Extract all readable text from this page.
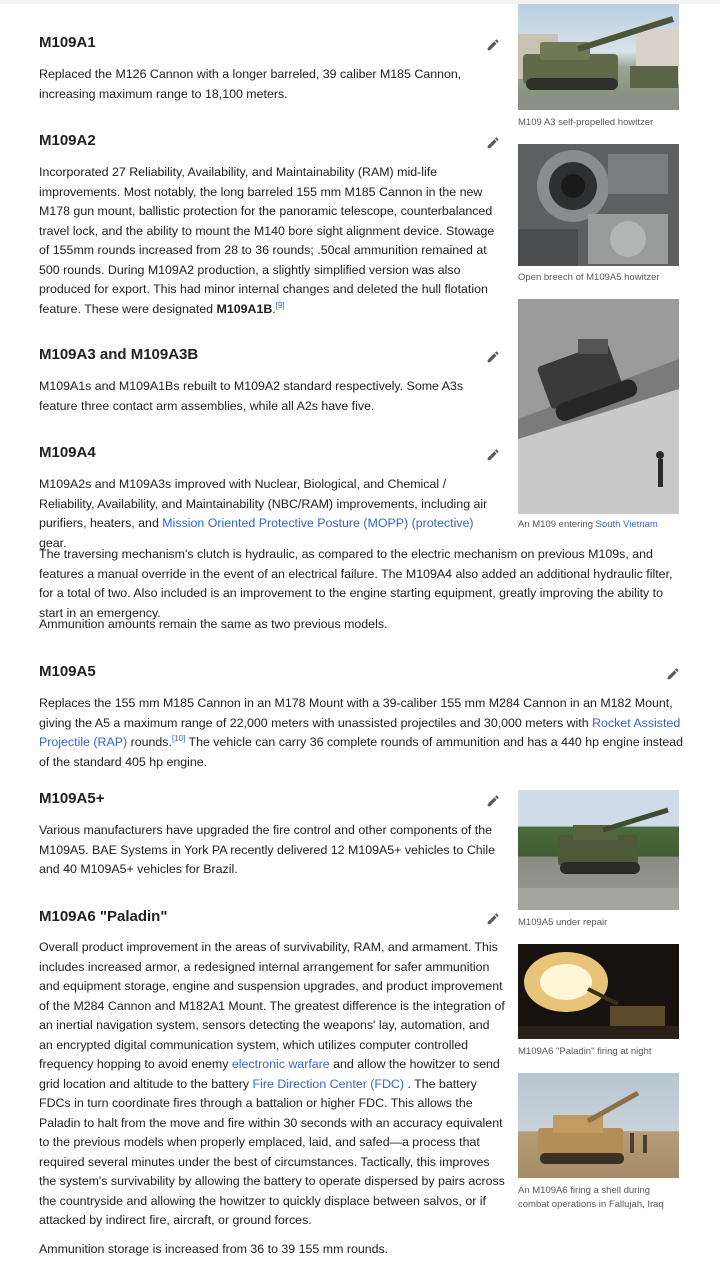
M109A1
Replaced the M126 Cannon with a longer barreled, 39 caliber M185 Cannon, increasing maximum range to 18,100 meters.
M109A2
Incorporated 27 Reliability, Availability, and Maintainability (RAM) mid-life improvements. Most notably, the long barreled 155 mm M185 Cannon in the new M178 gun mount, ballistic protection for the panoramic telescope, counterbalanced travel lock, and the ability to mount the M140 bore sight alignment device. Stowage of 155mm rounds increased from 28 to 36 rounds; .50cal ammunition remained at 500 rounds. During M109A2 production, a slightly simplified version was also produced for export. This had minor internal changes and deleted the hull flotation feature. These were designated M109A1B.[9]
M109A3 and M109A3B
M109A1s and M109A1Bs rebuilt to M109A2 standard respectively. Some A3s feature three contact arm assemblies, while all A2s have five.
M109A4
M109A2s and M109A3s improved with Nuclear, Biological, and Chemical / Reliability, Availability, and Maintainability (NBC/RAM) improvements, including air purifiers, heaters, and Mission Oriented Protective Posture (MOPP) (protective) gear.
The traversing mechanism's clutch is hydraulic, as compared to the electric mechanism on previous M109s, and features a manual override in the event of an electrical failure. The M109A4 also added an additional hydraulic filter, for a total of two. Also included is an improvement to the engine starting equipment, greatly improving the ability to start in an emergency.
Ammunition amounts remain the same as two previous models.
M109A5
Replaces the 155 mm M185 Cannon in an M178 Mount with a 39-caliber 155 mm M284 Cannon in an M182 Mount, giving the A5 a maximum range of 22,000 meters with unassisted projectiles and 30,000 meters with Rocket Assisted Projectile (RAP) rounds.[10] The vehicle can carry 36 complete rounds of ammunition and has a 440 hp engine instead of the standard 405 hp engine.
M109A5+
Various manufacturers have upgraded the fire control and other components of the M109A5. BAE Systems in York PA recently delivered 12 M109A5+ vehicles to Chile and 40 M109A5+ vehicles for Brazil.
M109A6 "Paladin"
Overall product improvement in the areas of survivability, RAM, and armament. This includes increased armor, a redesigned internal arrangement for safer ammunition and equipment storage, engine and suspension upgrades, and product improvement of the M284 Cannon and M182A1 Mount. The greatest difference is the integration of an inertial navigation system, sensors detecting the weapons' lay, automation, and an encrypted digital communication system, which utilizes computer controlled frequency hopping to avoid enemy electronic warfare and allow the howitzer to send grid location and altitude to the battery Fire Direction Center (FDC) . The battery FDCs in turn coordinate fires through a battalion or higher FDC. This allows the Paladin to halt from the move and fire within 30 seconds with an accuracy equivalent to the previous models when properly emplaced, laid, and safed—a process that required several minutes under the best of circumstances. Tactically, this improves the system's survivability by allowing the battery to operate dispersed by pairs across the countryside and allowing the howitzer to quickly displace between salvos, or if attacked by indirect fire, aircraft, or ground forces.
Ammunition storage is increased from 36 to 39 155 mm rounds.
M109 A3 self-propelled howitzer
Open breech of M109A5 howitzer
An M109 entering South Vietnam
M109A5 under repair
M109A6 "Paladin" firing at night
An M109A6 firing a shell during combat operations in Fallujah, Iraq
